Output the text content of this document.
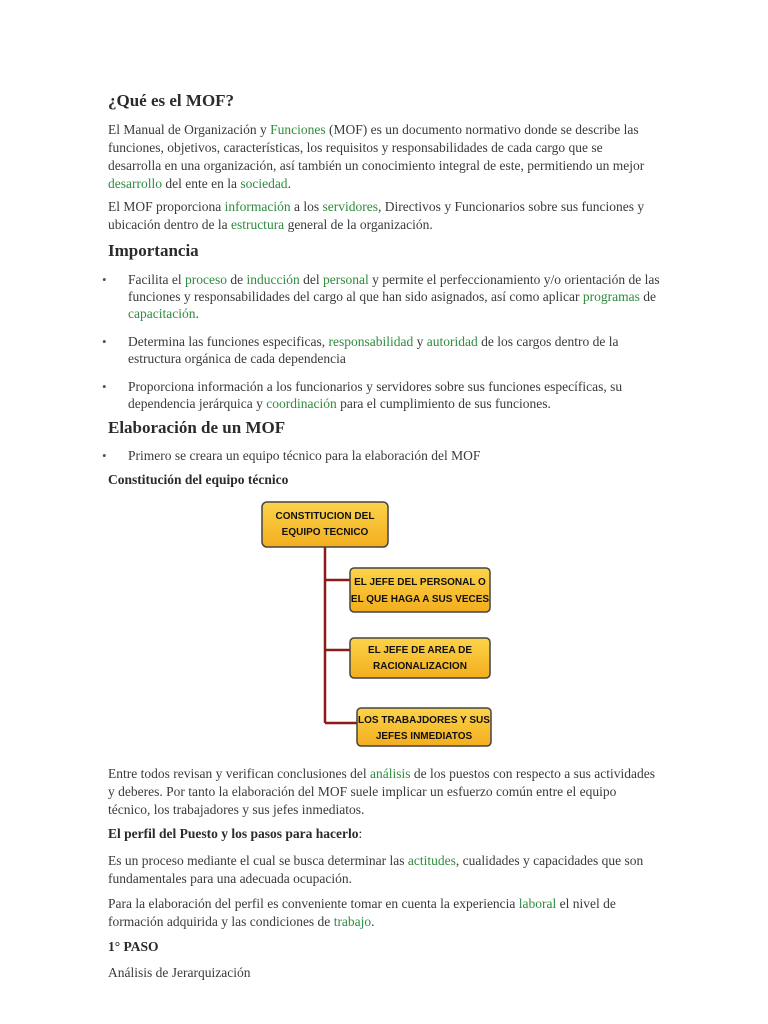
¿Qué es el MOF?

El Manual de Organización y Funciones (MOF) es un documento normativo donde se describe las funciones, objetivos, características, los requisitos y responsabilidades de cada cargo que se desarrolla en una organización, así también un conocimiento integral de este, permitiendo un mejor desarrollo del ente en la sociedad.

El MOF proporciona información a los servidores, Directivos y Funcionarios sobre sus funciones y ubicación dentro de la estructura general de la organización.

Importancia
• Facilita el proceso de inducción del personal y permite el perfeccionamiento y/o orientación de las funciones y responsabilidades del cargo al que han sido asignados, así como aplicar programas de capacitación.
• Determina las funciones especificas, responsabilidad y autoridad de los cargos dentro de la estructura orgánica de cada dependencia
• Proporciona información a los funcionarios y servidores sobre sus funciones específicas, su dependencia jerárquica y coordinación para el cumplimiento de sus funciones.
Elaboración de un MOF
• Primero se creara un equipo técnico para la elaboración del MOF
Constitución del equipo técnico

Entre todos revisan y verifican conclusiones del análisis de los puestos con respecto a sus actividades y deberes. Por tanto la elaboración del MOF suele implicar un esfuerzo común entre el equipo técnico, los trabajadores y sus jefes inmediatos.

El perfil del Puesto y los pasos para hacerlo:

Es un proceso mediante el cual se busca determinar las actitudes, cualidades y capacidades que son fundamentales para una adecuada ocupación.

Para la elaboración del perfil es conveniente tomar en cuenta la experiencia laboral el nivel de formación adquirida y las condiciones de trabajo.

1° PASO

Análisis de Jerarquización

CONSTITUCION DEL
EQUIPO TECNICO
EL JEFE DEL PERSONAL O
EL QUE HAGA A SUS VECES
EL JEFE DE AREA DE
RACIONALIZACION
LOS TRABAJDORES Y SUS
JEFES INMEDIATOS
